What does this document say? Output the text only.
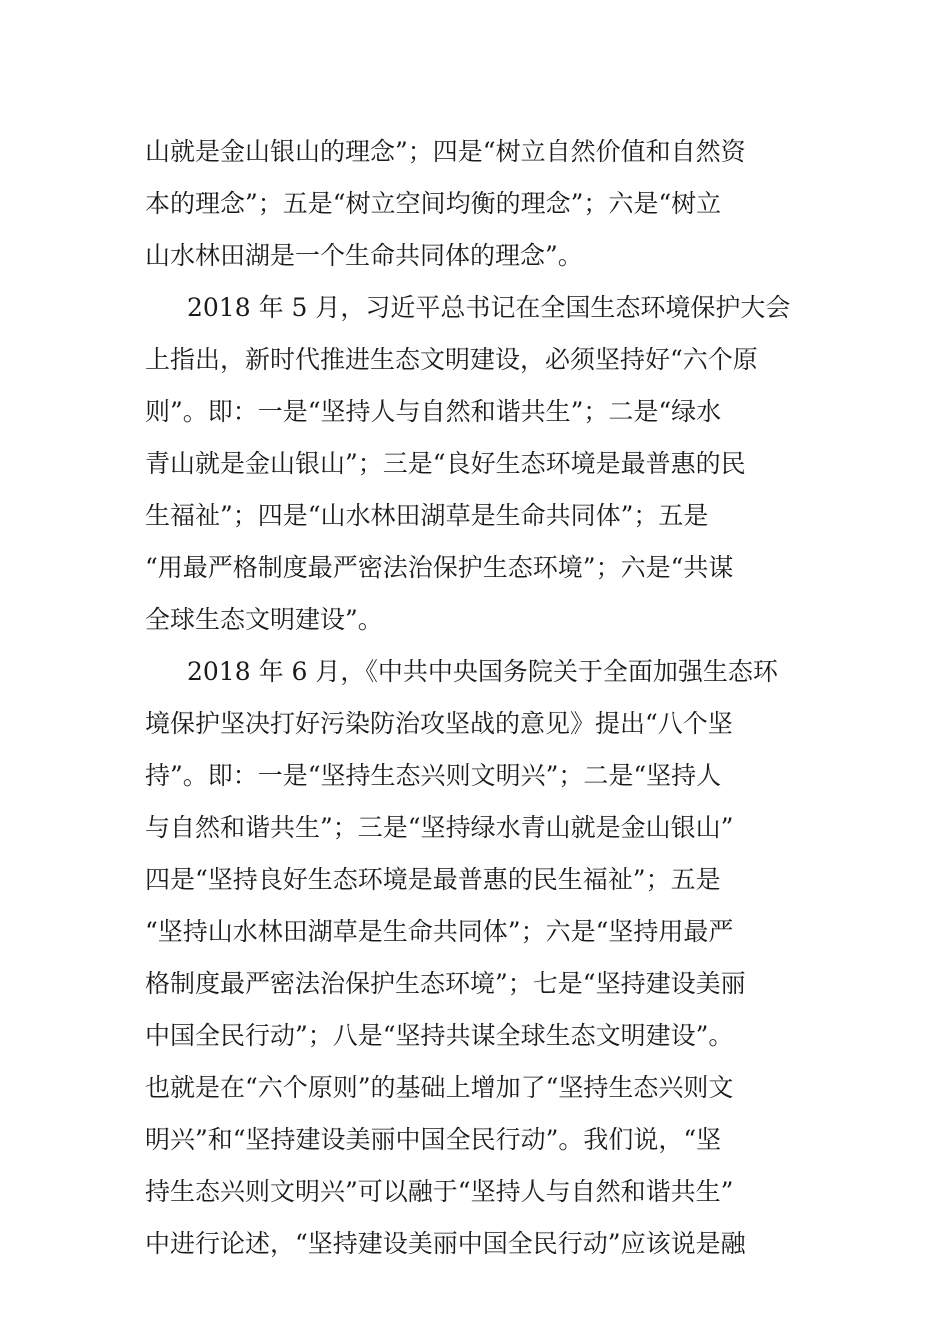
山就是金山银山的理念”；四是“树立自然价值和自然资
本的理念”；五是“树立空间均衡的理念”；六是“树立
山水林田湖是一个生命共同体的理念”。
2018 年 5 月，习近平总书记在全国生态环境保护大会
上指出，新时代推进生态文明建设，必须坚持好“六个原
则”。即：一是“坚持人与自然和谐共生”；二是“绿水
青山就是金山银山”；三是“良好生态环境是最普惠的民
生福祉”；四是“山水林田湖草是生命共同体”；五是
“用最严格制度最严密法治保护生态环境”；六是“共谋
全球生态文明建设”。
2018 年 6 月，《中共中央国务院关于全面加强生态环
境保护坚决打好污染防治攻坚战的意见》提出“八个坚
持”。即：一是“坚持生态兴则文明兴”；二是“坚持人
与自然和谐共生”；三是“坚持绿水青山就是金山银山”
四是“坚持良好生态环境是最普惠的民生福祉”；五是
“坚持山水林田湖草是生命共同体”；六是“坚持用最严
格制度最严密法治保护生态环境”；七是“坚持建设美丽
中国全民行动”；八是“坚持共谋全球生态文明建设”。
也就是在“六个原则”的基础上增加了“坚持生态兴则文
明兴”和“坚持建设美丽中国全民行动”。我们说，“坚
持生态兴则文明兴”可以融于“坚持人与自然和谐共生”
中进行论述，“坚持建设美丽中国全民行动”应该说是融
